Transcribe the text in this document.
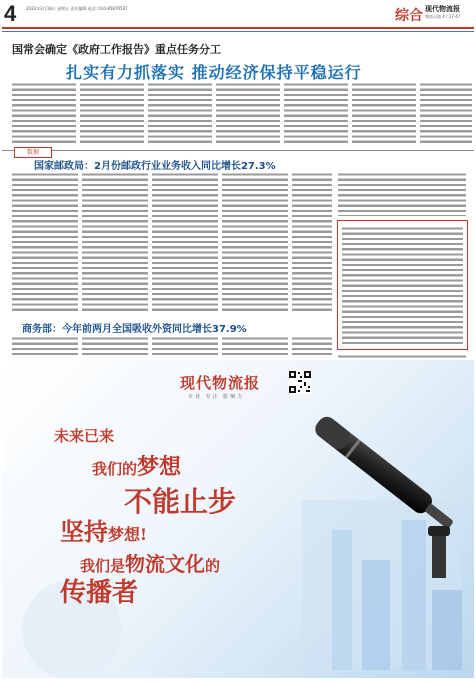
4 2022年3月18日 星期五 责任编辑 电话: 010-85870507	综合 现代物流报
物流天地 4 / 17-47
国常会确定《政府工作报告》重点任务分工
扎实有力抓落实 推动经济保持平稳运行
数据
国家邮政局：2月份邮政行业业务收入同比增长27.3%
商务部：今年前两月全国吸收外资同比增长37.9%
现代物流报
专业 专注 影响力
未来已来
我们的梦想
不能止步
坚持梦想!
我们是物流文化的
传播者
